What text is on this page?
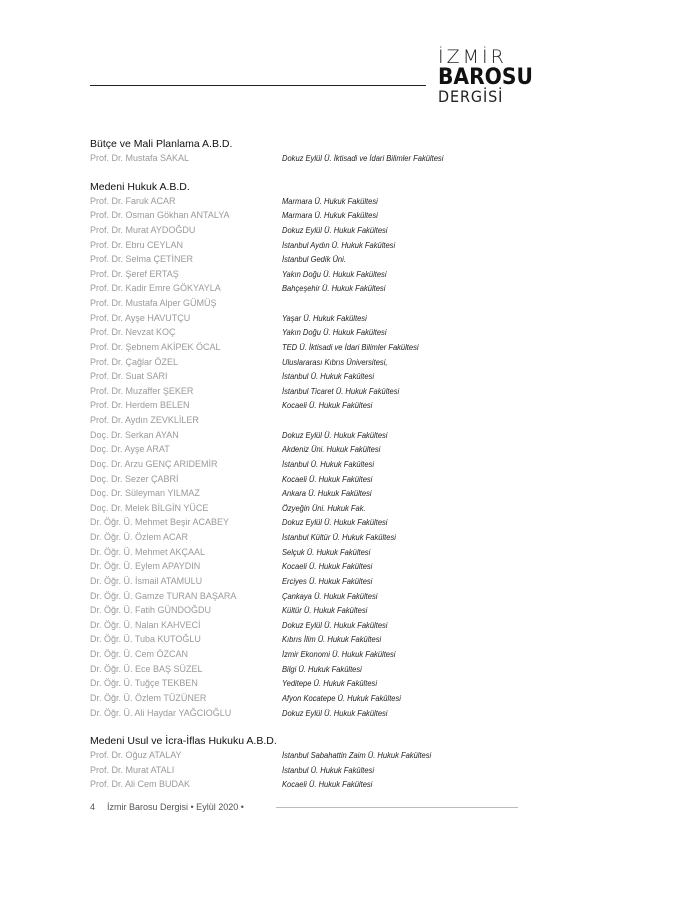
İZMİR
BAROSU
DERGİSİ
Bütçe ve Mali Planlama A.B.D.
Prof. Dr. Mustafa SAKAL	Dokuz Eylül Ü. İktisadi ve İdari Bilimler Fakültesi
Medeni Hukuk A.B.D.
Prof. Dr. Faruk ACAR	Marmara Ü. Hukuk Fakültesi
Prof. Dr. Osman Gökhan ANTALYA	Marmara Ü. Hukuk Fakültesi
Prof. Dr. Murat AYDOĞDU	Dokuz Eylül Ü. Hukuk Fakültesi
Prof. Dr. Ebru CEYLAN	İstanbul Aydın Ü. Hukuk Fakültesi
Prof. Dr. Selma ÇETİNER	İstanbul Gedik Üni.
Prof. Dr. Şeref ERTAŞ	Yakın Doğu Ü. Hukuk Fakültesi
Prof. Dr. Kadir Emre GÖKYAYLA	Bahçeşehir Ü. Hukuk Fakültesi
Prof. Dr. Mustafa Alper GÜMÜŞ
Prof. Dr. Ayşe HAVUTÇU	Yaşar Ü. Hukuk Fakültesi
Prof. Dr. Nevzat KOÇ	Yakın Doğu Ü. Hukuk Fakültesi
Prof. Dr. Şebnem AKİPEK ÖCAL	TED Ü. İktisadi ve İdari Bilimler Fakültesi
Prof. Dr. Çağlar ÖZEL	Uluslararası Kıbrıs Üniversitesi,
Prof. Dr. Suat SARI	İstanbul Ü. Hukuk Fakültesi
Prof. Dr. Muzaffer ŞEKER	İstanbul Ticaret Ü. Hukuk Fakültesi
Prof. Dr. Herdem BELEN	Kocaeli Ü. Hukuk Fakültesi
Prof. Dr. Aydın ZEVKLİLER
Doç. Dr. Serkan AYAN	Dokuz Eylül Ü. Hukuk Fakültesi
Doç. Dr. Ayşe ARAT	Akdeniz Üni. Hukuk Fakültesi
Doç. Dr. Arzu GENÇ ARIDEMİR	İstanbul Ü. Hukuk Fakültesi
Doç. Dr. Sezer ÇABRİ	Kocaeli Ü. Hukuk Fakültesi
Doç. Dr. Süleyman YILMAZ	Ankara Ü. Hukuk Fakültesi
Doç. Dr. Melek BİLGİN YÜCE	Özyeğin Üni. Hukuk Fak.
Dr. Öğr. Ü. Mehmet Beşir ACABEY	Dokuz Eylül Ü. Hukuk Fakültesi
Dr. Öğr. Ü. Özlem ACAR	İstanbul Kültür Ü. Hukuk Fakültesi
Dr. Öğr. Ü. Mehmet AKÇAAL	Selçuk Ü. Hukuk Fakültesi
Dr. Öğr. Ü. Eylem APAYDIN	Kocaeli Ü. Hukuk Fakültesi
Dr. Öğr. Ü. İsmail ATAMULU	Erciyes Ü. Hukuk Fakültesi
Dr. Öğr. Ü. Gamze TURAN BAŞARA	Çankaya Ü. Hukuk Fakültesi
Dr. Öğr. Ü. Fatih GÜNDOĞDU	Kültür Ü. Hukuk Fakültesi
Dr. Öğr. Ü. Nalan KAHVECİ	Dokuz Eylül Ü. Hukuk Fakültesi
Dr. Öğr. Ü. Tuba KUTOĞLU	Kıbrıs İlim Ü. Hukuk Fakültesi
Dr. Öğr. Ü. Cem ÖZCAN	İzmir Ekonomi Ü. Hukuk Fakültesi
Dr. Öğr. Ü. Ece BAŞ SÜZEL	Bilgi Ü. Hukuk Fakültesi
Dr. Öğr. Ü. Tuğçe TEKBEN	Yeditepe Ü. Hukuk Fakültesi
Dr. Öğr. Ü. Özlem TÜZÜNER	Afyon Kocatepe Ü. Hukuk Fakültesi
Dr. Öğr. Ü. Ali Haydar YAĞCIOĞLU	Dokuz Eylül Ü. Hukuk Fakültesi
Medeni Usul ve İcra-İflas Hukuku A.B.D.
Prof. Dr. Oğuz ATALAY	İstanbul Sabahattin Zaim Ü. Hukuk Fakültesi
Prof. Dr. Murat ATALI	İstanbul Ü. Hukuk Fakültesi
Prof. Dr. Ali Cem BUDAK	Kocaeli Ü. Hukuk Fakültesi
4 İzmir Barosu Dergisi • Eylül 2020 •
